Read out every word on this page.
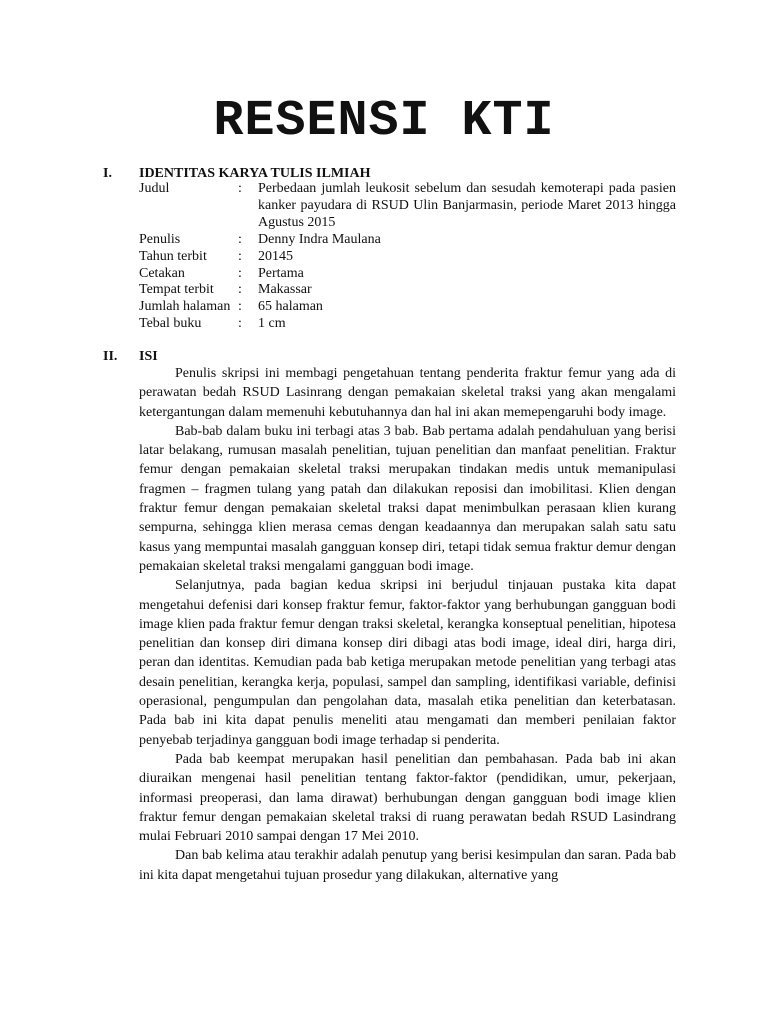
RESENSI KTI
I. IDENTITAS KARYA TULIS ILMIAH
Judul	:	Perbedaan jumlah leukosit sebelum dan sesudah kemoterapi pada pasien kanker payudara di RSUD Ulin Banjarmasin, periode Maret 2013 hingga Agustus 2015
Penulis	:	Denny Indra Maulana
Tahun terbit	:	20145
Cetakan	:	Pertama
Tempat terbit	:	Makassar
Jumlah halaman :	65 halaman
Tebal buku	:	1 cm
II. ISI

Penulis skripsi ini membagi pengetahuan tentang penderita fraktur femur yang ada di perawatan bedah RSUD Lasinrang dengan pemakaian skeletal traksi yang akan mengalami ketergantungan dalam memenuhi kebutuhannya dan hal ini akan memepengaruhi body image.

Bab-bab dalam buku ini terbagi atas 3 bab. Bab pertama adalah pendahuluan yang berisi latar belakang, rumusan masalah penelitian, tujuan penelitian dan manfaat penelitian. Fraktur femur dengan pemakaian skeletal traksi merupakan tindakan medis untuk memanipulasi fragmen – fragmen tulang yang patah dan dilakukan reposisi dan imobilitasi. Klien dengan fraktur femur dengan pemakaian skeletal traksi dapat menimbulkan perasaan klien kurang sempurna, sehingga klien merasa cemas dengan keadaannya dan merupakan salah satu satu kasus yang mempuntai masalah gangguan konsep diri, tetapi tidak semua fraktur demur dengan pemakaian skeletal traksi mengalami gangguan bodi image.

Selanjutnya, pada bagian kedua skripsi ini berjudul tinjauan pustaka kita dapat mengetahui defenisi dari konsep fraktur femur, faktor-faktor yang berhubungan gangguan bodi image klien pada fraktur femur dengan traksi skeletal, kerangka konseptual penelitian, hipotesa penelitian dan konsep diri dimana konsep diri dibagi atas bodi image, ideal diri, harga diri, peran dan identitas. Kemudian pada bab ketiga merupakan metode penelitian yang terbagi atas desain penelitian, kerangka kerja, populasi, sampel dan sampling, identifikasi variable, definisi operasional, pengumpulan dan pengolahan data, masalah etika penelitian dan keterbatasan. Pada bab ini kita dapat penulis meneliti atau mengamati dan memberi penilaian faktor penyebab terjadinya gangguan bodi image terhadap si penderita.

Pada bab keempat merupakan hasil penelitian dan pembahasan. Pada bab ini akan diuraikan mengenai hasil penelitian tentang faktor-faktor (pendidikan, umur, pekerjaan, informasi preoperasi, dan lama dirawat) berhubungan dengan gangguan bodi image klien fraktur femur dengan pemakaian skeletal traksi di ruang perawatan bedah RSUD Lasindrang mulai Februari 2010 sampai dengan 17 Mei 2010.

Dan bab kelima atau terakhir adalah penutup yang berisi kesimpulan dan saran. Pada bab ini kita dapat mengetahui tujuan prosedur yang dilakukan, alternative yang
